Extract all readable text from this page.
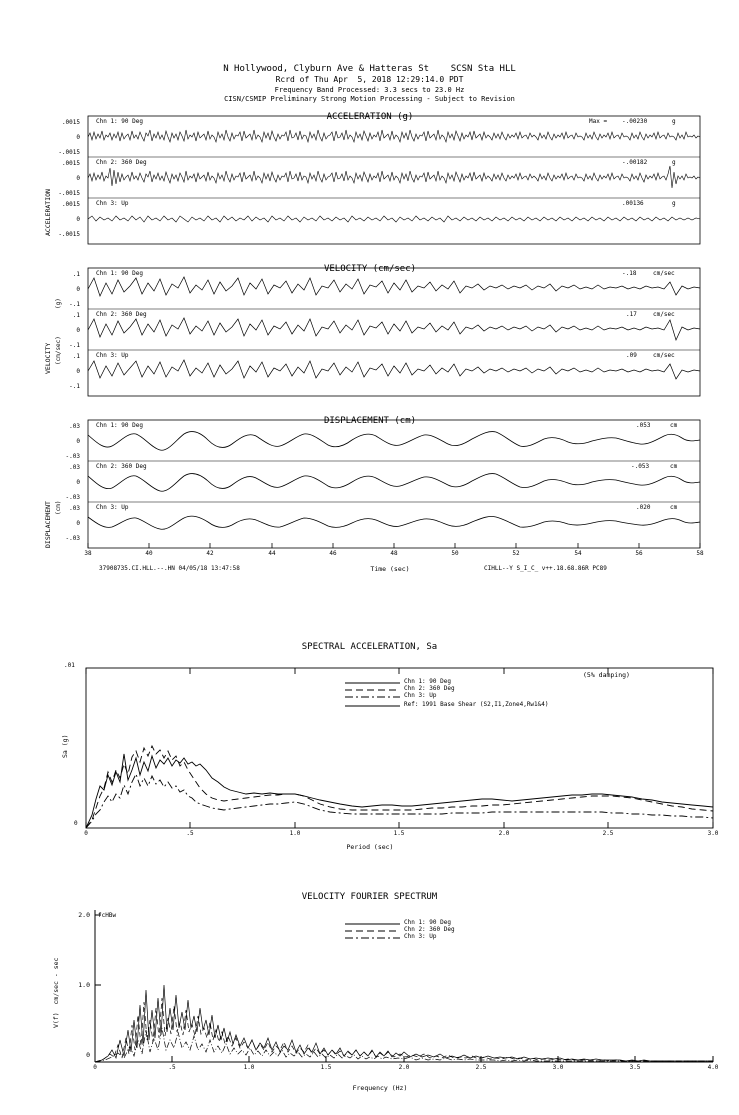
N Hollywood, Clyburn Ave & Hatteras St    SCSN Sta HLL
Rcrd of Thu Apr  5, 2018 12:29:14.0 PDT
Frequency Band Processed: 3.3 secs to 23.0 Hz
CISN/CSMIP Preliminary Strong Motion Processing - Subject to Revision
ACCELERATION (g)

ACCELERATION

(g)

.0015
0
-.0015
.0015
0
-.0015
.0015
0
-.0015
Chn 1: 90 Deg
Chn 2: 360 Deg
Chn 3: Up
Max = -.00230	g
-.00182	g
.00136	g
VELOCITY (cm/sec)

VELOCITY
(cm/sec)

.1
0
-.1
.1
0
-.1
.1
0
-.1
Chn 1: 90 Deg
Chn 2: 360 Deg
Chn 3: Up
-.18	cm/sec
.17	cm/sec
.09	cm/sec
DISPLACEMENT (cm)

DISPLACEMENT
(cm)

.03
0
-.03
.03
0
-.03
.03
0
-.03
Chn 1: 90 Deg
Chn 2: 360 Deg
Chn 3: Up
.053	cm
-.053	cm
.020	cm
38	40	42	44	46	48	50	52	54	56	58
37908735.CI.HLL.--.HN 04/05/18 13:47:58	Time (sec)	CIHLL--Y S_I_C_ v++.18.68.86R PC89
SPECTRAL ACCELERATION, Sa
.01
0

Sa (g)

Period (sec)
(5% damping)
Chn 1: 90 Deg
Chn 2: 360 Deg
Chn 3: Up
Ref: 1991 Base Shear (S2,I1,Zone4,Rw1&4)
0	.5	1.0	1.5	2.0	2.5	3.0
VELOCITY FOURIER SPECTRUM
fcHBw
2.0
1.0
0

V(f)  cm/sec - sec

Frequency (Hz)
Chn 1: 90 Deg
Chn 2: 360 Deg
Chn 3: Up
0	.5	1.0	1.5	2.0	2.5	3.0	3.5	4.0
